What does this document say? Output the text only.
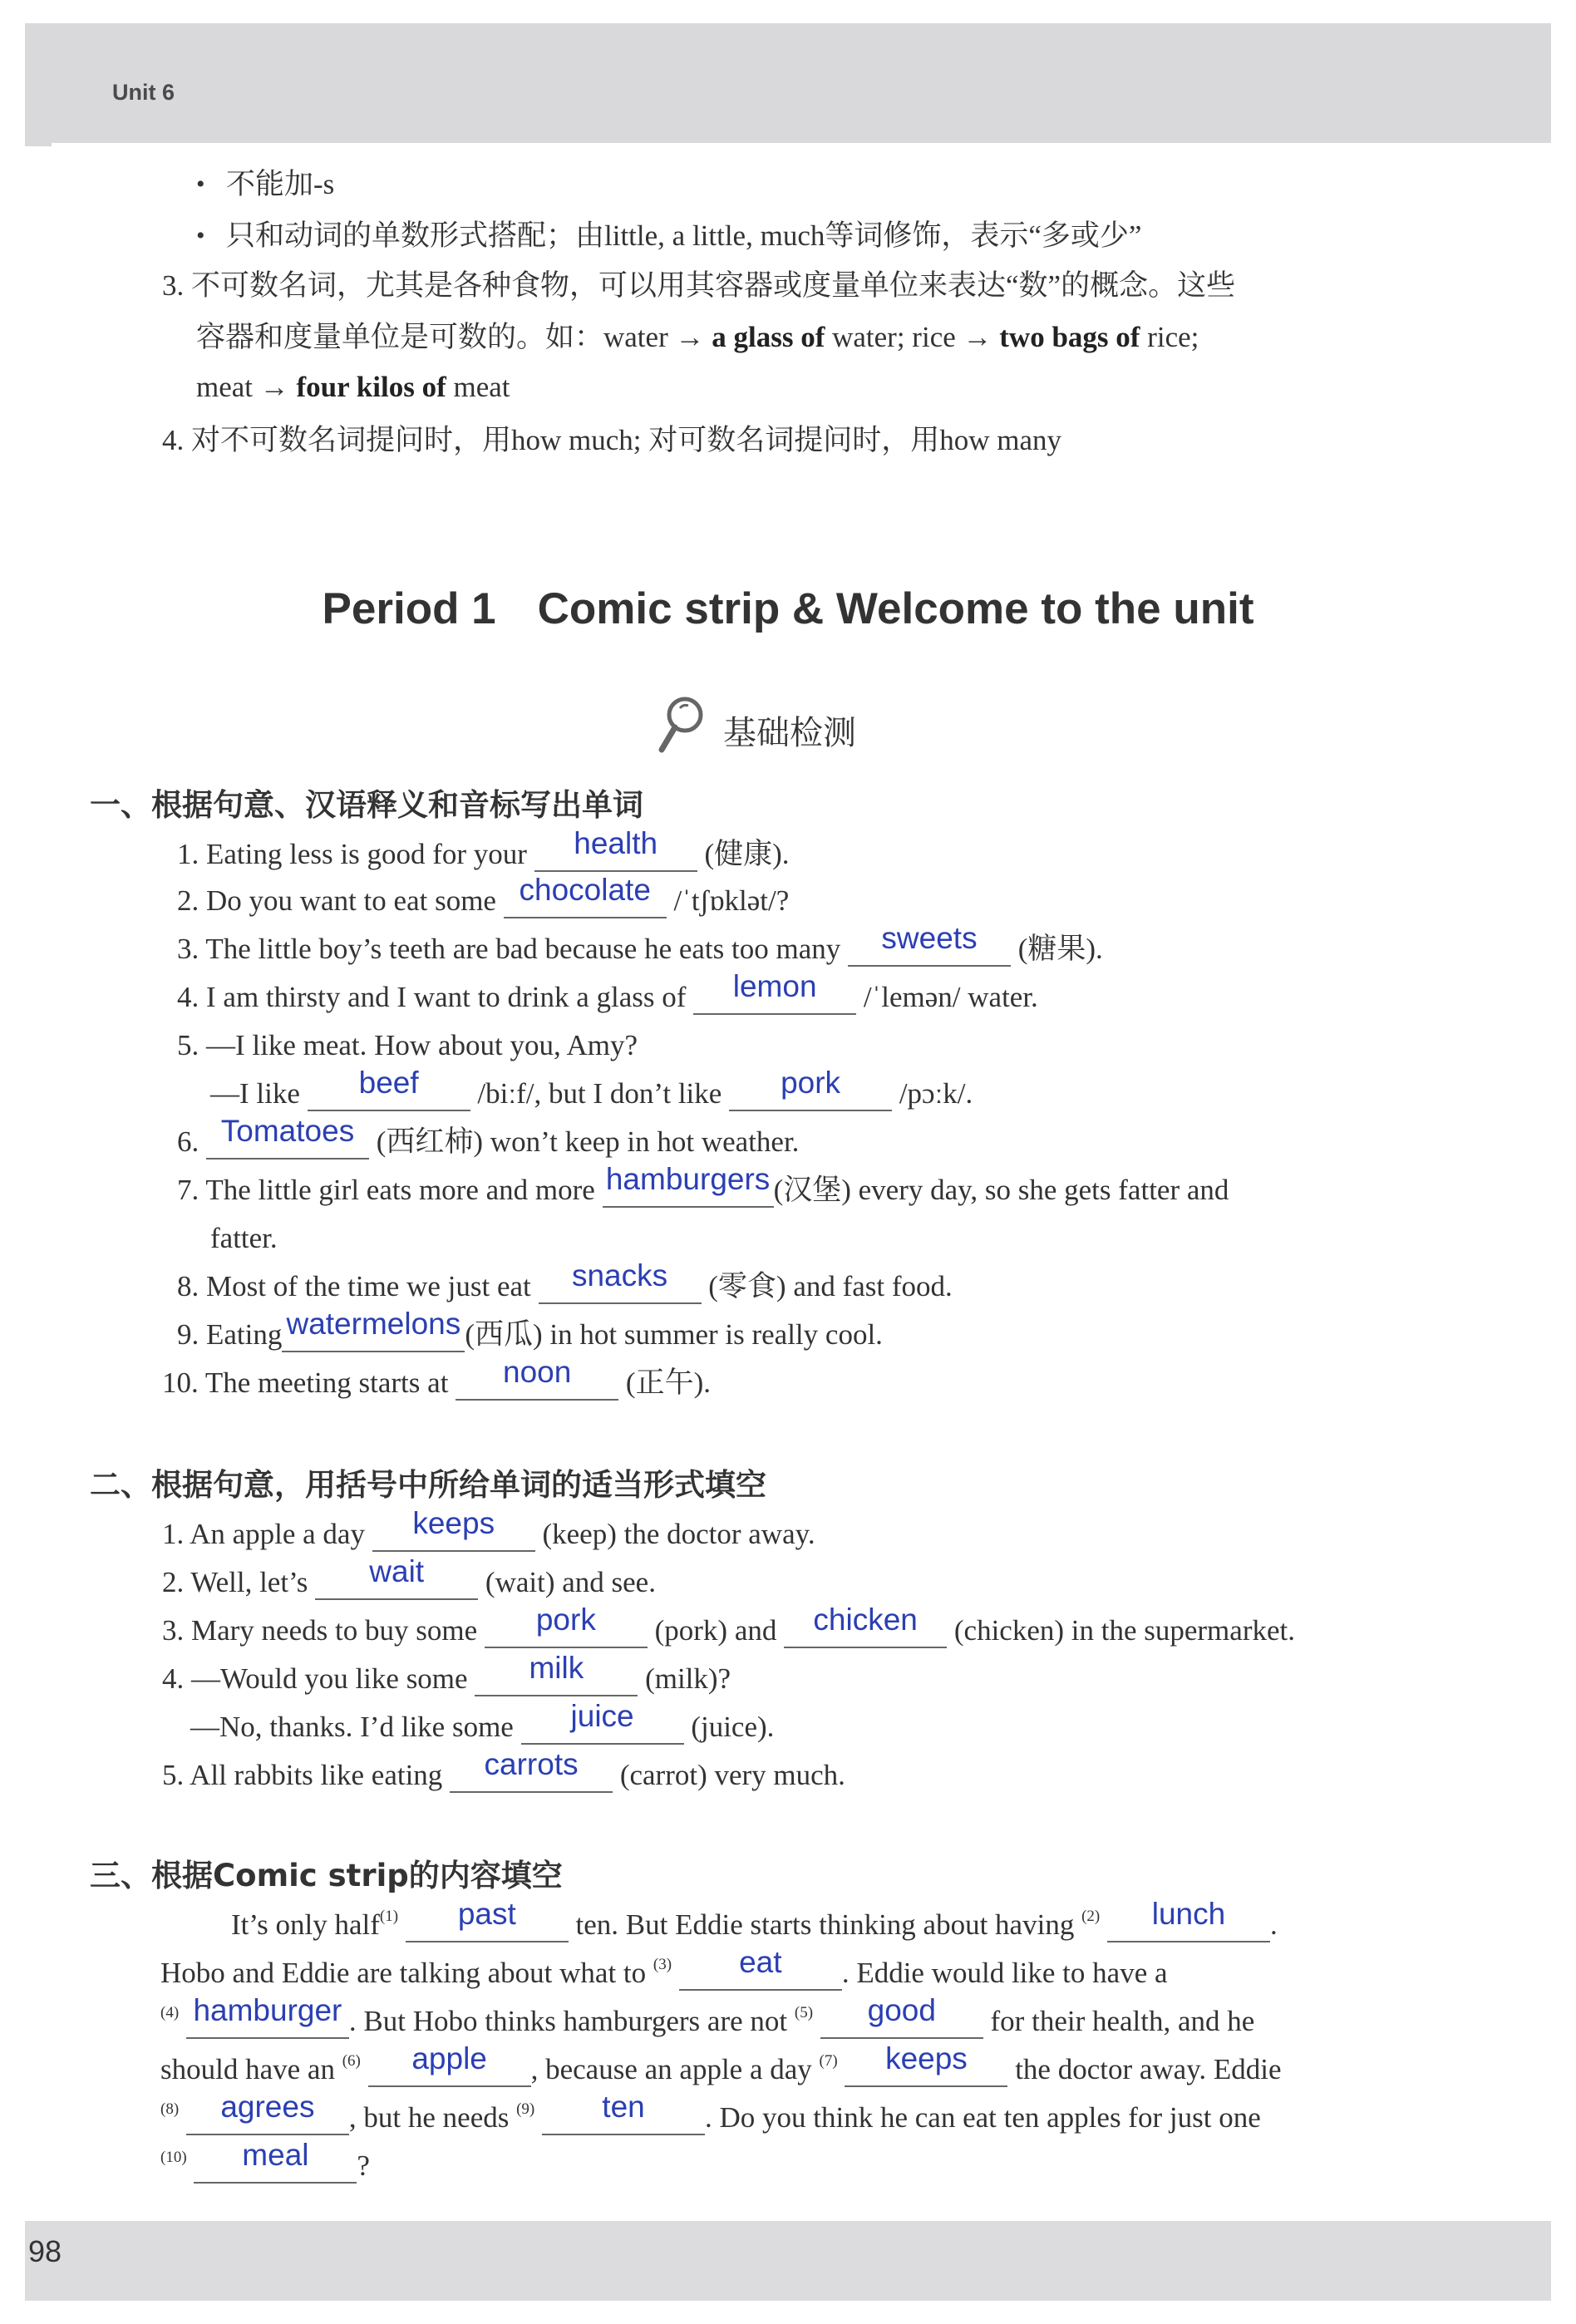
Unit 6
• 不能加-s
• 只和动词的单数形式搭配；由little, a little, much等词修饰，表示“多或少”
3. 不可数名词，尤其是各种食物，可以用其容器或度量单位来表达“数”的概念。这些
容器和度量单位是可数的。如：water → a glass of water; rice → two bags of rice;
meat → four kilos of meat
4. 对不可数名词提问时，用how much; 对可数名词提问时，用how many
Period 1 Comic strip & Welcome to the unit
基础检测
一、根据句意、汉语释义和音标写出单词
1. Eating less is good for your health (健康).
2. Do you want to eat some chocolate /ˈtʃɒklət/?
3. The little boy’s teeth are bad because he eats too many sweets (糖果).
4. I am thirsty and I want to drink a glass of lemon /ˈlemən/ water.
5. —I like meat. How about you, Amy?
—I like beef /biːf/, but I don’t like pork /pɔːk/.
6. Tomatoes (西红柿) won’t keep in hot weather.
7. The little girl eats more and more hamburgers (汉堡) every day, so she gets fatter and
fatter.
8. Most of the time we just eat snacks (零食) and fast food.
9. Eating watermelons (西瓜) in hot summer is really cool.
10. The meeting starts at noon (正午).
二、根据句意，用括号中所给单词的适当形式填空
1. An apple a day keeps (keep) the doctor away.
2. Well, let’s wait (wait) and see.
3. Mary needs to buy some pork (pork) and chicken (chicken) in the supermarket.
4. —Would you like some milk (milk)?
—No, thanks. I’d like some juice (juice).
5. All rabbits like eating carrots (carrot) very much.
三、根据Comic strip的内容填空
It’s only half$^{(1)}$ past ten. But Eddie starts thinking about having $^{(2)}$ lunch .
Hobo and Eddie are talking about what to $^{(3)}$ eat . Eddie would like to have a
$^{(4)}$ hamburger . But Hobo thinks hamburgers are not $^{(5)}$ good for their health, and he
should have an $^{(6)}$ apple , because an apple a day $^{(7)}$ keeps the doctor away. Eddie
$^{(8)}$ agrees , but he needs $^{(9)}$ ten . Do you think he can eat ten apples for just one
$^{(10)}$ meal ?
98
